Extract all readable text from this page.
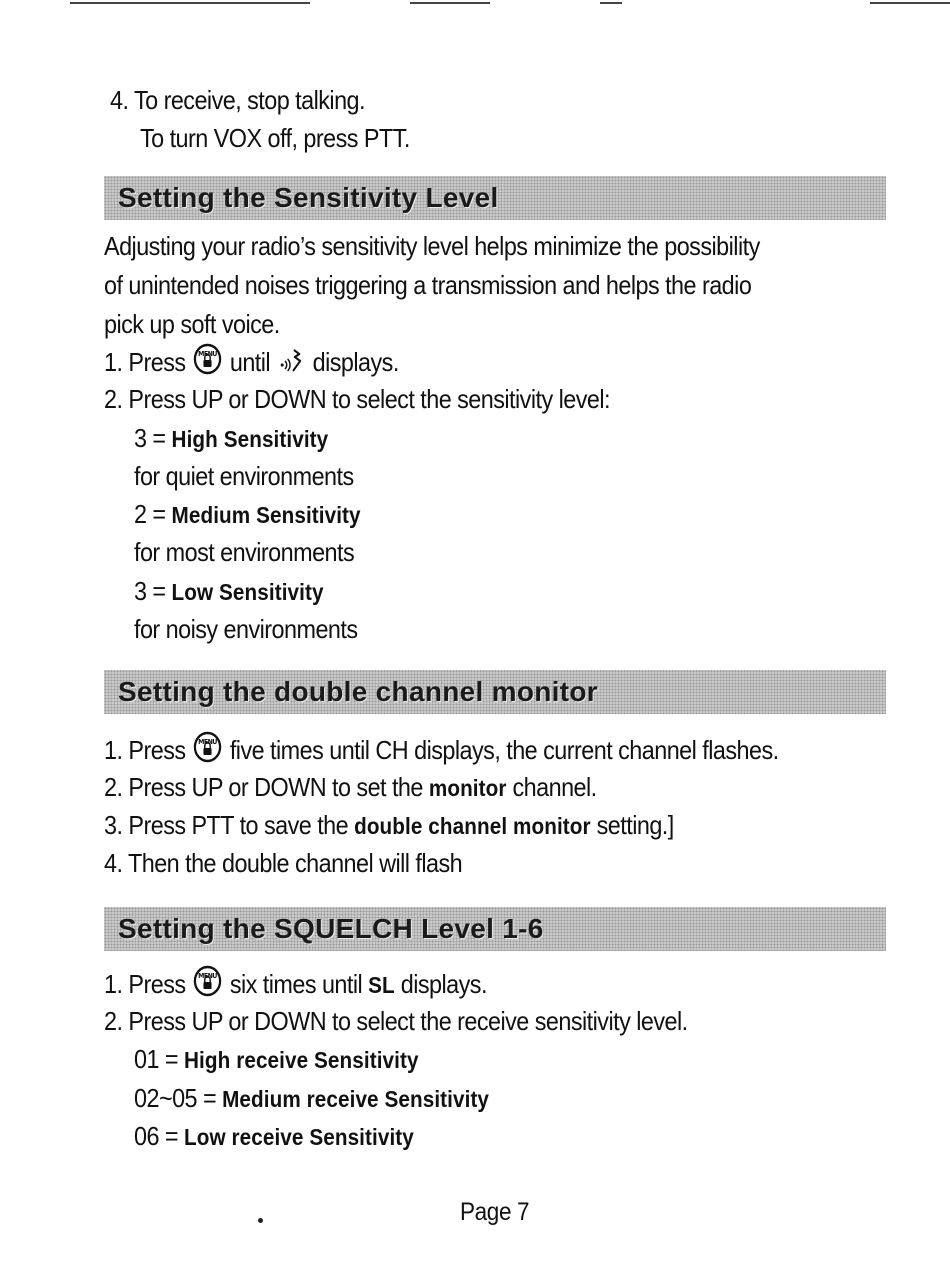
4. To receive, stop talking.
To turn VOX off, press PTT.
Setting the Sensitivity Level
Adjusting your radio’s sensitivity level helps minimize the possibility
of unintended noises triggering a transmission and helps the radio
pick up soft voice.
1. Press MENU until displays.
2. Press UP or DOWN to select the sensitivity level:
3 = High Sensitivity
for quiet environments
2 = Medium Sensitivity
for most environments
3 = Low Sensitivity
for noisy environments
Setting the double channel monitor
1. Press MENU five times until CH displays, the current channel flashes.
2. Press UP or DOWN to set the monitor channel.
3. Press PTT to save the double channel monitor setting.]
4. Then the double channel will flash
Setting the SQUELCH Level 1-6
1. Press MENU six times until SL displays.
2. Press UP or DOWN to select the receive sensitivity level.
01 = High receive Sensitivity
02~05 = Medium receive Sensitivity
06 = Low receive Sensitivity
Page 7
